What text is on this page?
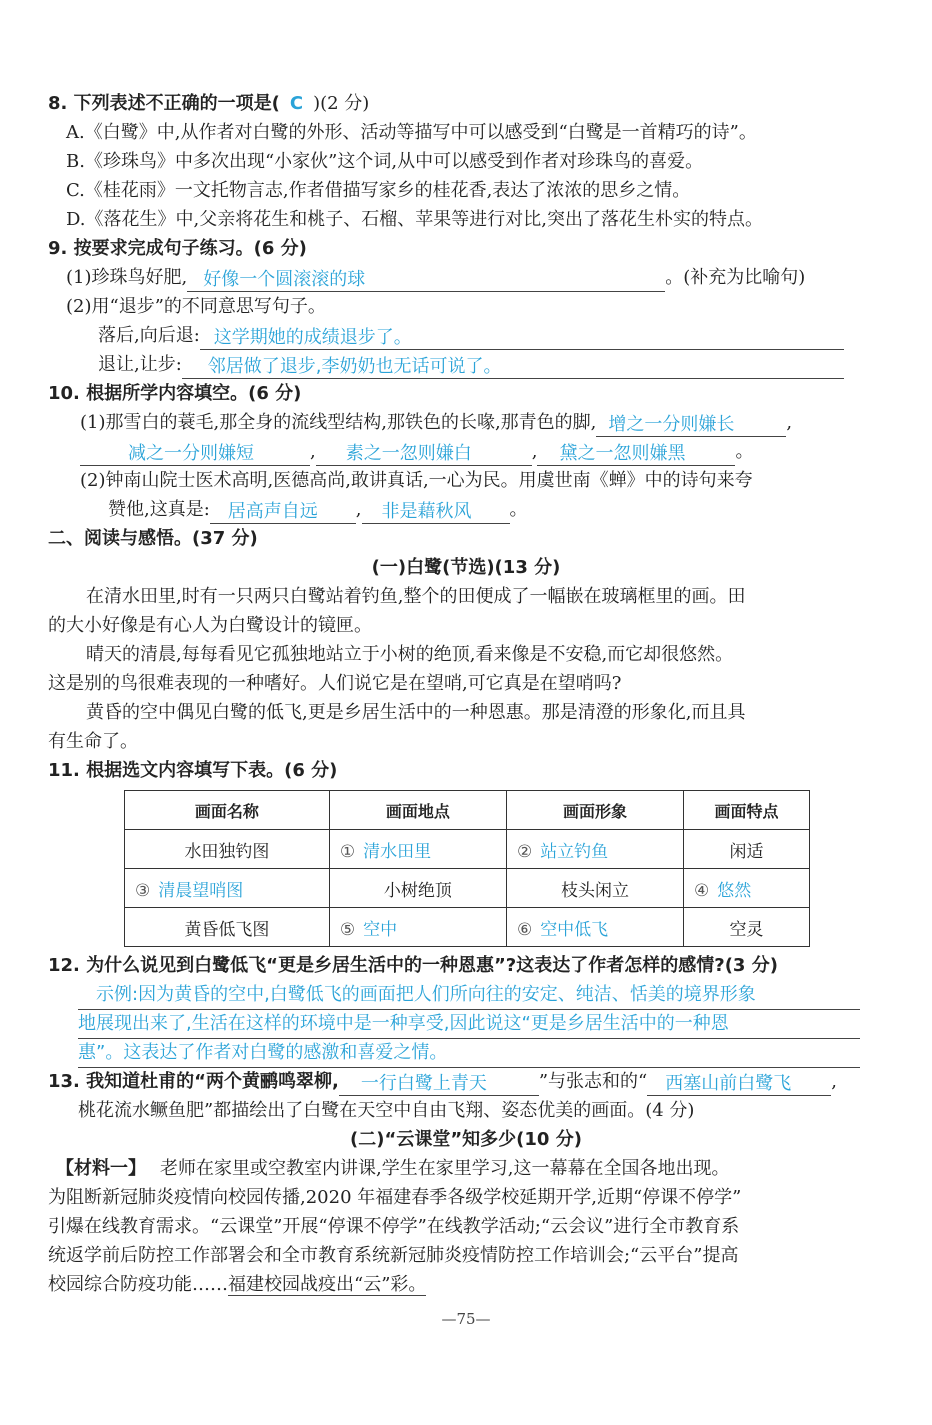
8. 下列表述不正确的一项是( C )(2 分)
A.《白鹭》中,从作者对白鹭的外形、活动等描写中可以感受到“白鹭是一首精巧的诗”。
B.《珍珠鸟》中多次出现“小家伙”这个词,从中可以感受到作者对珍珠鸟的喜爱。
C.《桂花雨》一文托物言志,作者借描写家乡的桂花香,表达了浓浓的思乡之情。
D.《落花生》中,父亲将花生和桃子、石榴、苹果等进行对比,突出了落花生朴实的特点。
9. 按要求完成句子练习。(6 分)
(1)珍珠鸟好肥, 好像一个圆滚滚的球	。(补充为比喻句)
(2)用“退步”的不同意思写句子。
落后,向后退: 这学期她的成绩退步了。
退让,让步: 邻居做了退步,李奶奶也无话可说了。
10. 根据所学内容填空。(6 分)
(1)那雪白的蓑毛,那全身的流线型结构,那铁色的长喙,那青色的脚, 增之一分则嫌长	,
减之一分则嫌短	, 素之一忽则嫌白	, 黛之一忽则嫌黑	。
(2)钟南山院士医术高明,医德高尚,敢讲真话,一心为民。用虞世南《蝉》中的诗句来夸
赞他,这真是: 居高声自远 , 非是藉秋风 。
二、阅读与感悟。(37 分)
(一)白鹭(节选)(13 分)
在清水田里,时有一只两只白鹭站着钓鱼,整个的田便成了一幅嵌在玻璃框里的画。田
的大小好像是有心人为白鹭设计的镜匣。
晴天的清晨,每每看见它孤独地站立于小树的绝顶,看来像是不安稳,而它却很悠然。
这是别的鸟很难表现的一种嗜好。人们说它是在望哨,可它真是在望哨吗?
黄昏的空中偶见白鹭的低飞,更是乡居生活中的一种恩惠。那是清澄的形象化,而且具
有生命了。
11. 根据选文内容填写下表。(6 分)
画面名称	画面地点	画面形象	画面特点
水田独钓图	① 清水田里	② 站立钓鱼	闲适
③ 清晨望哨图	小树绝顶	枝头闲立	④ 悠然
黄昏低飞图	⑤ 空中	⑥ 空中低飞	空灵
12. 为什么说见到白鹭低飞“更是乡居生活中的一种恩惠”?这表达了作者怎样的感情?(3 分)
示例:因为黄昏的空中,白鹭低飞的画面把人们所向往的安定、纯洁、恬美的境界形象
地展现出来了,生活在这样的环境中是一种享受,因此说这“更是乡居生活中的一种恩
惠”。这表达了作者对白鹭的感激和喜爱之情。
13. 我知道杜甫的“两个黄鹂鸣翠柳, 一行白鹭上青天	”与张志和的“ 西塞山前白鹭飞 ,
桃花流水鳜鱼肥”都描绘出了白鹭在天空中自由飞翔、姿态优美的画面。(4 分)
(二)“云课堂”知多少(10 分)
【材料一】 老师在家里或空教室内讲课,学生在家里学习,这一幕幕在全国各地出现。
为阻断新冠肺炎疫情向校园传播,2020 年福建春季各级学校延期开学,近期“停课不停学”
引爆在线教育需求。“云课堂”开展“停课不停学”在线教学活动;“云会议”进行全市教育系
统返学前后防控工作部署会和全市教育系统新冠肺炎疫情防控工作培训会;“云平台”提高
校园综合防疫功能……福建校园战疫出“云”彩。
—75—
